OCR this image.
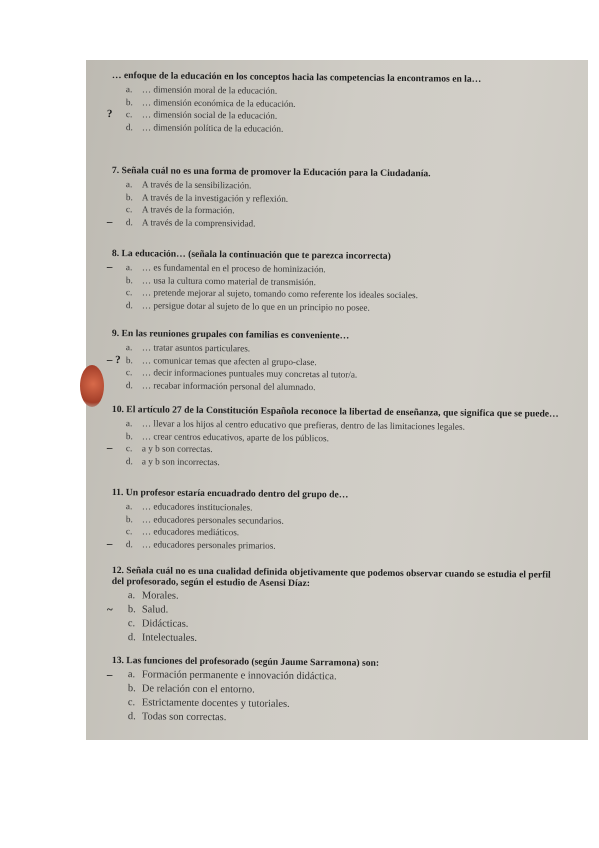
… enfoque de la educación en los conceptos hacia las competencias la encontramos en la…
a. … dimensión moral de la educación.
b. … dimensión económica de la educación.
? c. … dimensión social de la educación.
d. … dimensión política de la educación.
7. Señala cuál no es una forma de promover la Educación para la Ciudadanía.
a. A través de la sensibilización.
b. A través de la investigación y reflexión.
c. A través de la formación.
– d. A través de la comprensividad.
8. La educación… (señala la continuación que te parezca incorrecta)
– a. … es fundamental en el proceso de hominización.
b. … usa la cultura como material de transmisión.
c. … pretende mejorar al sujeto, tomando como referente los ideales sociales.
d. … persigue dotar al sujeto de lo que en un principio no posee.
9. En las reuniones grupales con familias es conveniente…
a. … tratar asuntos particulares.
– ? b. … comunicar temas que afecten al grupo-clase.
c. … decir informaciones puntuales muy concretas al tutor/a.
d. … recabar información personal del alumnado.
10. El artículo 27 de la Constitución Española reconoce la libertad de enseñanza, que significa que se puede…
a. … llevar a los hijos al centro educativo que prefieras, dentro de las limitaciones legales.
b. … crear centros educativos, aparte de los públicos.
– c. a y b son correctas.
d. a y b son incorrectas.
11. Un profesor estaría encuadrado dentro del grupo de…
a. … educadores institucionales.
b. … educadores personales secundarios.
c. … educadores mediáticos.
– d. … educadores personales primarios.
12. Señala cuál no es una cualidad definida objetivamente que podemos observar cuando se estudia el perfil del profesorado, según el estudio de Asensi Díaz:
a. Morales.
~ b. Salud.
c. Didácticas.
d. Intelectuales.
13. Las funciones del profesorado (según Jaume Sarramona) son:
– a. Formación permanente e innovación didáctica.
b. De relación con el entorno.
c. Estrictamente docentes y tutoriales.
d. Todas son correctas.
